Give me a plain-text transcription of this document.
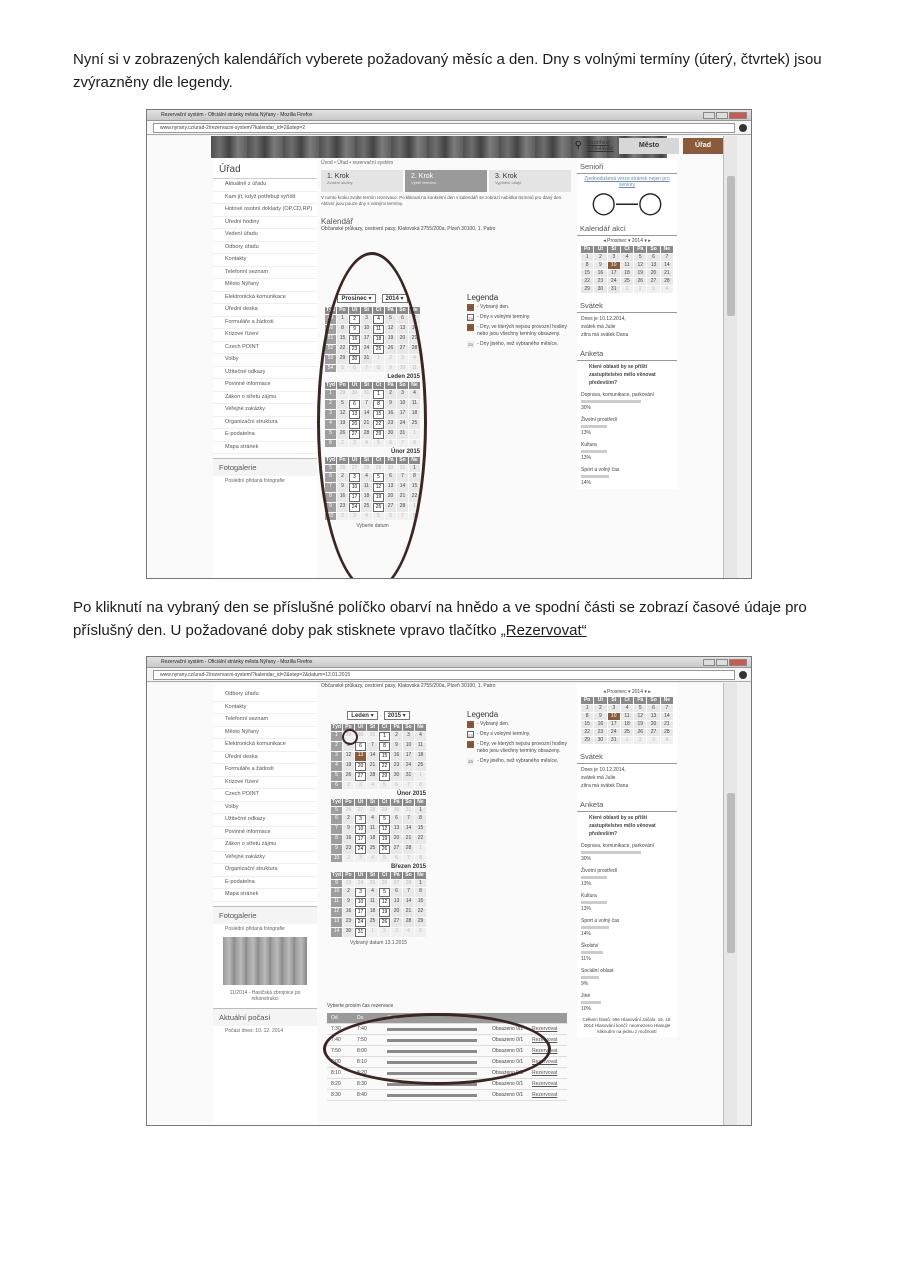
Nyní si v zobrazených kalendářích vyberete požadovaný měsíc a den. Dny s volnými termíny (úterý, čtvrtek) jsou zvýrazněny dle legendy.

Rezervační systém - Oficiální stránky města Nýřany - Mozilla Firefox
www.nyrany.cz/urad-2/rezervacni-system/?kalendar_id=2&step=2
⚲ Rozšířené vyhledávání	Město	Úřad
Úřad
Aktuálně z úřadu
Kam jít, když potřebuji vyřídit
Hotové osobní doklady (OP,CD,RP)
Úřední hodiny
Vedení úřadu
Odbory úřadu
Kontakty
Telefonní seznam
Město Nýřany
Elektronická komunikace
Úřední deska
Formuláře a žádosti
Krizové řízení
Czech POINT
Volby
Užitečné odkazy
Povinné informace
Zákon o střetu zájmu
Veřejné zakázky
Organizační struktura
E-podatelna
Mapa stránek
Fotogalerie
Poslední přidaná fotografie
Úvod • Úřad • rezervační systém
1. Krok
Zvolení služby
2. Krok
Výběr termínu
3. Krok
Vyplnění údajů
V tomto kroku zvolte termín rezervace. Po kliknutí na konkrétní den v kalendáři se zobrazí nabídka termínů pro daný den. Aktivní jsou pouze dny s volnými termíny.
Kalendář
Občanské průkazy, cestovní pasy, Klatovská 2755/200a, Plzeň 30100, 1. Patro
Prosinec ▾	2014 ▾
Týd Po	Út	St	Čt	Pá	So	Ne
49	1	2	3	4	5	6	7
50	8	9	10	11	12	13	14
51	15	16	17	18	19	20	21
52	22	23	24	25	26	27	28
53	29	30	31	1	2	3	4
54	5	6	7	8	9	10	11
Leden 2015
Týd Po	Út	St	Čt	Pá	So	Ne
1	29	30	31	1	2	3	4
2	5	6	7	8	9	10	11
3	12	13	14	15	16	17	18
4	19	20	21	22	23	24	25
5	26	27	28	29	30	31	1
6	2	3	4	5	6	7	8
Únor 2015
Týd Po	Út	St	Čt	Pá	So	Ne
5	26	27	28	29	30	31	1
6	2	3	4	5	6	7	8
7	9	10	11	12	13	14	15
8	16	17	18	19	20	21	22
9	23	24	25	26	27	28	1
10	2	3	4	5	6	7	8
Vyberte datum
Legenda
23 - Vybraný den.
23 - Dny s volnými termíny.
23 - Dny, ve kterých nejsou provozní hodiny nebo jsou všechny termíny obsazeny.
23 - Dny jiného, než vybraného měsíce.
Senioři
Zjednodušená verze stránek nejen pro seniory
◯—◯
Kalendář akcí
◂ Prosinec ▾ 2014 ▾ ▸
Po	Út	St	Čt	Pá	So	Ne
1	2	3	4	5	6	7
8	9	10	11	12	13	14
15	16	17	18	19	20	21
22	23	24	25	26	27	28
29	30	31	1	2	3	4
Svátek
Dnes je 10.12.2014,
svátek má Julie
zítra má svátek Dana
Anketa
Které oblasti by se příští zastupitelstvo mělo věnovat především?
Doprava, komunikace, parkování
30%
Životní prostředí
13%
Kultura
13%
Sport a volný čas
14%

Po kliknutí na vybraný den se příslušné políčko obarví na hnědo a ve spodní části se zobrazí časové údaje pro příslušný den. U požadované doby pak stisknete vpravo tlačítko „Rezervovat“

Rezervační systém - Oficiální stránky města Nýřany - Mozilla Firefox
www.nyrany.cz/urad-2/rezervacni-system/?kalendar_id=2&step=2&datum=13.01.2015
Odbory úřadu
Kontakty
Telefonní seznam
Město Nýřany
Elektronická komunikace
Úřední deska
Formuláře a žádosti
Krizové řízení
Czech POINT
Volby
Užitečné odkazy
Povinné informace
Zákon o střetu zájmu
Veřejné zakázky
Organizační struktura
E-podatelna
Mapa stránek
Fotogalerie
Poslední přidaná fotografie
11/2014 - Hasičská zbrojnice po rekonstrukci
Aktuální počasí
Počasí dnes: 10. 12. 2014
Občanské průkazy, cestovní pasy, Klatovská 2755/200a, Plzeň 30100, 1. Patro
Leden ▾	2015 ▾
Týd Po	Út	St	Čt	Pá	So	Ne
1	29	30	31	1	2	3	4
2	5	6	7	8	9	10	11
3	12	13	14	15	16	17	18
4	19	20	21	22	23	24	25
5	26	27	28	29	30	31	1
6	2	3	4	5	6	7	8
Únor 2015
Týd Po	Út	St	Čt	Pá	So	Ne
5	26	27	28	29	30	31	1
6	2	3	4	5	6	7	8
7	9	10	11	12	13	14	15
8	16	17	18	19	20	21	22
9	23	24	25	26	27	28	1
10	2	3	4	5	6	7	8
Březen 2015
Týd Po	Út	St	Čt	Pá	So	Ne
9	23	24	25	26	27	28	1
10	2	3	4	5	6	7	8
11	9	10	11	12	13	14	15
12	16	17	18	19	20	21	22
13	23	24	25	26	27	28	29
14	30	31	1	2	3	4	5
Vybraný datum 13.1.2015
Legenda
23 - Vybraný den.
23 - Dny s volnými termíny.
23 - Dny, ve kterých nejsou provozní hodiny nebo jsou všechny termíny obsazeny.
23 - Dny jiného, než vybraného měsíce.
Vyberte prosím čas rezervace
Od	Do	Stav
7:30	7:40	Obsazeno 0/1	Rezervovat
7:40	7:50	Obsazeno 0/1	Rezervovat
7:50	8:00	Obsazeno 0/1	Rezervovat
8:00	8:10	Obsazeno 0/1	Rezervovat
8:10	8:20	Obsazeno 0/1	Rezervovat
8:20	8:30	Obsazeno 0/1	Rezervovat
8:30	8:40	Obsazeno 0/1	Rezervovat
◂ Prosinec ▾ 2014 ▾ ▸
Po	Út	St	Čt	Pá	So	Ne
1	2	3	4	5	6	7
8	9	10	11	12	13	14
15	16	17	18	19	20	21
22	23	24	25	26	27	28
29	30	31	1	2	3	4
Svátek
Dnes je 10.12.2014,
svátek má Julie
zítra má svátek Dana
Anketa
Které oblasti by se příští zastupitelstvo mělo věnovat především?
Doprava, komunikace, parkování
30%
Životní prostředí
13%
Kultura
13%
Sport a volný čas
14%
Školství
11%
Sociální oblast
9%
Jiné
10%
Celkem hlasů: 466 Hlasování začalo: 15. 10. 2014 Hlasování končí: neomezeno Hlasujte kliknutím na jednu z možností
